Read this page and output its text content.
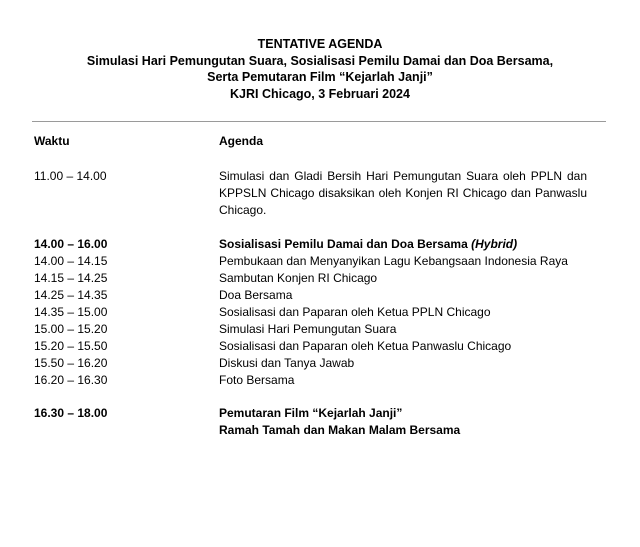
TENTATIVE AGENDA
Simulasi Hari Pemungutan Suara, Sosialisasi Pemilu Damai dan Doa Bersama,
Serta Pemutaran Film “Kejarlah Janji”
KJRI Chicago, 3 Februari 2024
Waktu	Agenda
11.00 – 14.00	Simulasi dan Gladi Bersih Hari Pemungutan Suara oleh PPLN dan KPPSLN Chicago disaksikan oleh Konjen RI Chicago dan Panwaslu Chicago.
14.00 – 16.00	Sosialisasi Pemilu Damai dan Doa Bersama (Hybrid)
14.00 – 14.15	Pembukaan dan Menyanyikan Lagu Kebangsaan Indonesia Raya
14.15 – 14.25	Sambutan Konjen RI Chicago
14.25 – 14.35	Doa Bersama
14.35 – 15.00	Sosialisasi dan Paparan oleh Ketua PPLN Chicago
15.00 – 15.20	Simulasi Hari Pemungutan Suara
15.20 – 15.50	Sosialisasi dan Paparan oleh Ketua Panwaslu Chicago
15.50 – 16.20	Diskusi dan Tanya Jawab
16.20 – 16.30	Foto Bersama
16.30 – 18.00	Pemutaran Film “Kejarlah Janji”
Ramah Tamah dan Makan Malam Bersama
